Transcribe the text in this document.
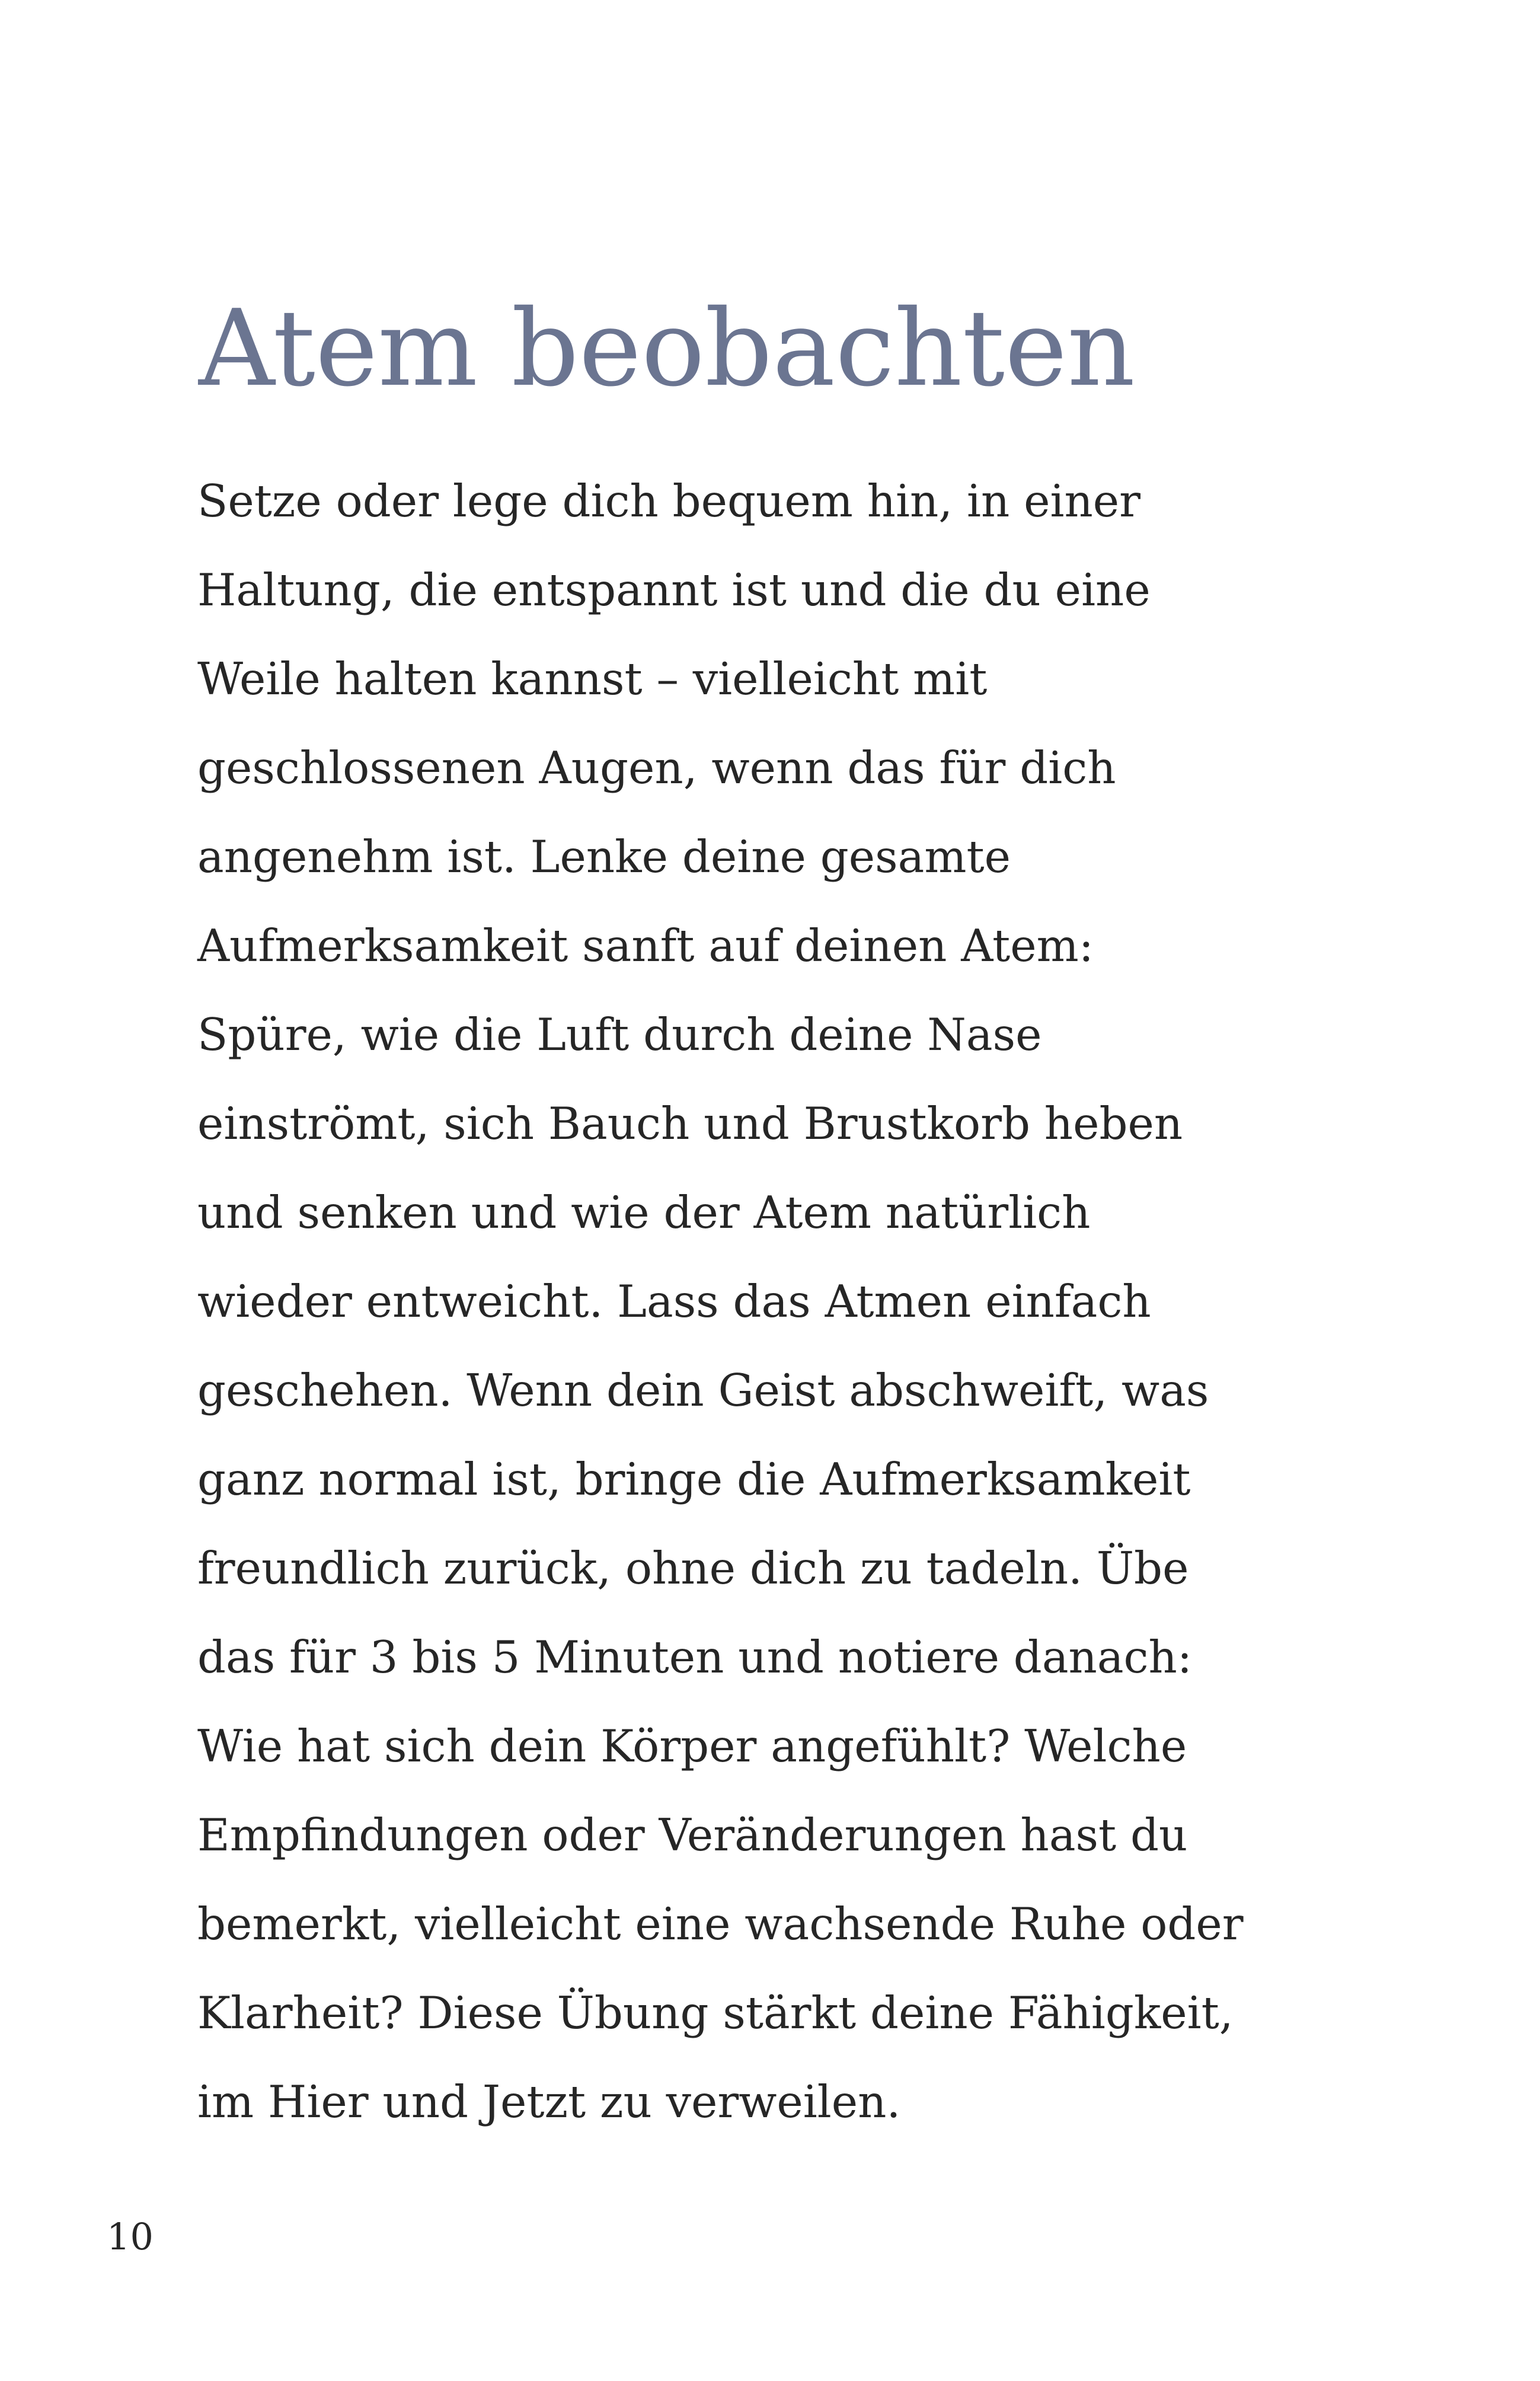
Atem beobachten
Setze oder lege dich bequem hin, in einer
Haltung, die entspannt ist und die du eine
Weile halten kannst – vielleicht mit
geschlossenen Augen, wenn das für dich
angenehm ist. Lenke deine gesamte
Aufmerksamkeit sanft auf deinen Atem:
Spüre, wie die Luft durch deine Nase
einströmt, sich Bauch und Brustkorb heben
und senken und wie der Atem natürlich
wieder entweicht. Lass das Atmen einfach
geschehen. Wenn dein Geist abschweift, was
ganz normal ist, bringe die Aufmerksamkeit
freundlich zurück, ohne dich zu tadeln. Übe
das für 3 bis 5 Minuten und notiere danach:
Wie hat sich dein Körper angefühlt? Welche
Empfindungen oder Veränderungen hast du
bemerkt, vielleicht eine wachsende Ruhe oder
Klarheit? Diese Übung stärkt deine Fähigkeit,
im Hier und Jetzt zu verweilen.
10
